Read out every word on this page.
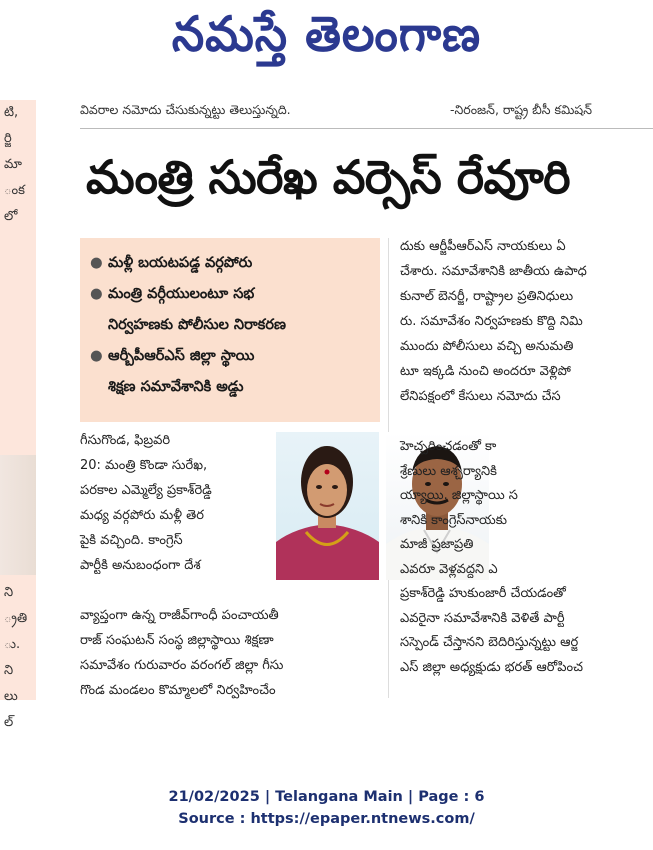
నమస్తే తెలంగాణ
టి,
ర్జి
మా
ంక
లో
ని
్రతి
ు.
ని
లు
ల్
వివరాల నమోదు చేసుకున్నట్టు తెలుస్తున్నది.	-నిరంజన్, రాష్ట్ర బీసీ కమిషన్
మంత్రి సురేఖ వర్సెస్ రేవూరి
● మళ్లీ బయటపడ్డ వర్గపోరు
● మంత్రి వర్గీయులంటూ సభ
నిర్వహణకు పోలీసుల నిరాకరణ
● ఆర్బీపీఆర్ఎస్ జిల్లా స్థాయి
శిక్షణ సమావేశానికి అడ్డు
గీసుగొండ, ఫిబ్రవరి
20: మంత్రి కొండా సురేఖ,
పరకాల ఎమ్మెల్యే ప్రకాశ్‌రెడ్డి
మధ్య వర్గపోరు మళ్లీ తెర
పైకి వచ్చింది. కాంగ్రెస్
పార్టీకి అనుబంధంగా దేశ
వ్యాప్తంగా ఉన్న రాజీవ్‌గాంధీ పంచాయతీ
రాజ్ సంఘటన్ సంస్థ జిల్లాస్థాయి శిక్షణా
సమావేశం గురువారం వరంగల్ జిల్లా గీసు
గొండ మండలం కొమ్మాలలో నిర్వహించేం
దుకు ఆర్జీపీఆర్ఎస్ నాయకులు ఏ
చేశారు. సమావేశానికి జాతీయ ఉపాధ
కునాల్ బెనర్జీ, రాష్ట్రాల ప్రతినిధులు
రు. సమావేశం నిర్వహణకు కొద్ది నిమి
ముందు పోలీసులు వచ్చి అనుమతి
టూ ఇక్కడి నుంచి అందరూ వెళ్లిపో
లేనిపక్షంలో కేసులు నమోదు చేస
హెచ్చరించడంతో కా
శ్రేణులు ఆశ్చర్యానికి
య్యాయి. జిల్లాస్థాయి స
శానికి కాంగ్రెస్‌నాయకు
మాజీ ప్రజాప్రతి
ఎవరూ వెళ్లవద్దని ఎ
ప్రకాశ్‌రెడ్డి హుకుంజారీ చేయడంతో
ఎవరైనా సమావేశానికి వెళితే పార్టీ
సస్పెండ్ చేస్తానని బెదిరిస్తున్నట్టు ఆర్జ
ఎస్ జిల్లా అధ్యక్షుడు భరత్ ఆరోపించ
21/02/2025 | Telangana Main | Page : 6
Source : https://epaper.ntnews.com/
